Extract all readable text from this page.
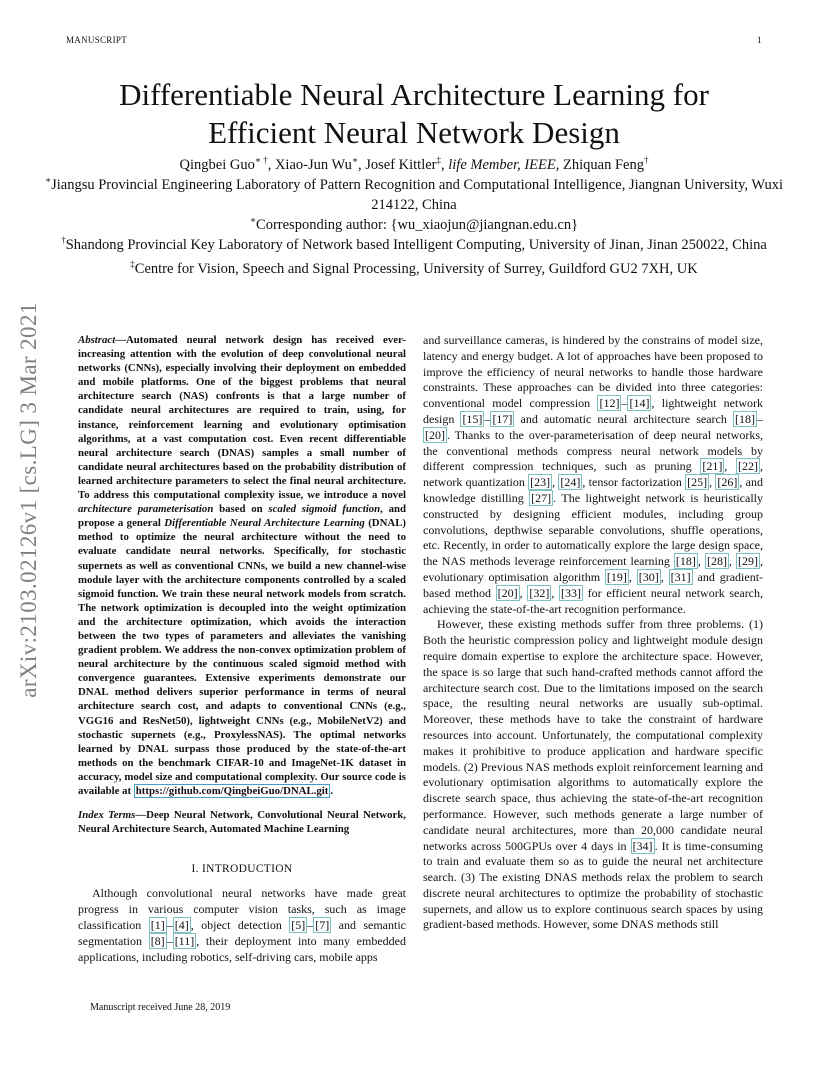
MANUSCRIPT	1
Differentiable Neural Architecture Learning for
Efficient Neural Network Design
Qingbei Guo∗ †, Xiao-Jun Wu∗, Josef Kittler‡, life Member, IEEE, Zhiquan Feng†
∗Jiangsu Provincial Engineering Laboratory of Pattern Recognition and Computational Intelligence, Jiangnan University, Wuxi 214122, China
∗Corresponding author: {wu_xiaojun@jiangnan.edu.cn}
†Shandong Provincial Key Laboratory of Network based Intelligent Computing, University of Jinan, Jinan 250022, China
‡Centre for Vision, Speech and Signal Processing, University of Surrey, Guildford GU2 7XH, UK
arXiv:2103.02126v1 [cs.LG] 3 Mar 2021	Abstract—Automated neural network design has received ever-increasing attention with the evolution of deep convolutional neural networks (CNNs), especially involving their deployment on embedded and mobile platforms. One of the biggest problems that neural architecture search (NAS) confronts is that a large number of candidate neural architectures are required to train, using, for instance, reinforcement learning and evolutionary optimisation algorithms, at a vast computation cost. Even recent differentiable neural architecture search (DNAS) samples a small number of candidate neural architectures based on the probability distribution of learned architecture parameters to select the final neural architecture. To address this computational complexity issue, we introduce a novel architecture parameterisation based on scaled sigmoid function, and propose a general Differentiable Neural Architecture Learning (DNAL) method to optimize the neural architecture without the need to evaluate candidate neural networks. Specifically, for stochastic supernets as well as conventional CNNs, we build a new channel-wise module layer with the architecture components controlled by a scaled sigmoid function. We train these neural network models from scratch. The network optimization is decoupled into the weight optimization and the architecture optimization, which avoids the interaction between the two types of parameters and alleviates the vanishing gradient problem. We address the non-convex optimization problem of neural architecture by the continuous scaled sigmoid method with convergence guarantees. Extensive experiments demonstrate our DNAL method delivers superior performance in terms of neural architecture search cost, and adapts to conventional CNNs (e.g., VGG16 and ResNet50), lightweight CNNs (e.g., MobileNetV2) and stochastic supernets (e.g., ProxylessNAS). The optimal networks learned by DNAL surpass those produced by the state-of-the-art methods on the benchmark CIFAR-10 and ImageNet-1K dataset in accuracy, model size and computational complexity. Our source code is available at https://github.com/QingbeiGuo/DNAL.git .

Index Terms—Deep Neural Network, Convolutional Neural Network, Neural Architecture Search, Automated Machine Learning

I. INTRODUCTION

Although convolutional neural networks have made great progress in various computer vision tasks, such as image classification [1] – [4] , object detection [5] – [7] and semantic segmentation [8] – [11] , their deployment into many embedded applications, including robotics, self-driving cars, mobile apps

and surveillance cameras, is hindered by the constrains of model size, latency and energy budget. A lot of approaches have been proposed to improve the efficiency of neural networks to handle those hardware constraints. These approaches can be divided into three categories: conventional model compression [12] – [14] , lightweight network design [15] – [17] and automatic neural architecture search [18] –[20] . Thanks to the over-parameterisation of deep neural networks, the conventional methods compress neural network models by different compression techniques, such as pruning [21] , [22] , network quantization [23] , [24] , tensor factorization [25] , [26] , and knowledge distilling [27] . The lightweight network is heuristically constructed by designing efficient modules, including group convolutions, depthwise separable convolutions, shuffle operations, etc. Recently, in order to automatically explore the large design space, the NAS methods leverage reinforcement learning [18] , [28] , [29] , evolutionary optimisation algorithm [19] , [30] , [31] and gradient-based method [20] , [32] , [33] for efficient neural network search, achieving the state-of-the-art recognition performance.

However, these existing methods suffer from three problems. (1) Both the heuristic compression policy and lightweight module design require domain expertise to explore the architecture space. However, the space is so large that such hand-crafted methods cannot afford the architecture search cost. Due to the limitations imposed on the search space, the resulting neural networks are usually sub-optimal. Moreover, these methods have to take the constraint of hardware resources into account. Unfortunately, the computational complexity makes it prohibitive to produce application and hardware specific models. (2) Previous NAS methods exploit reinforcement learning and evolutionary optimisation algorithms to automatically explore the discrete search space, thus achieving the state-of-the-art recognition performance. However, such methods generate a large number of candidate neural architectures, more than 20,000 candidate neural networks across 500GPUs over 4 days in [34] . It is time-consuming to train and evaluate them so as to guide the neural net architecture search. (3) The existing DNAS methods relax the problem to search discrete neural architectures to optimize the probability of stochastic supernets, and allow us to explore continuous search spaces by using gradient-based methods. However, some DNAS methods still

Manuscript received June 28, 2019
